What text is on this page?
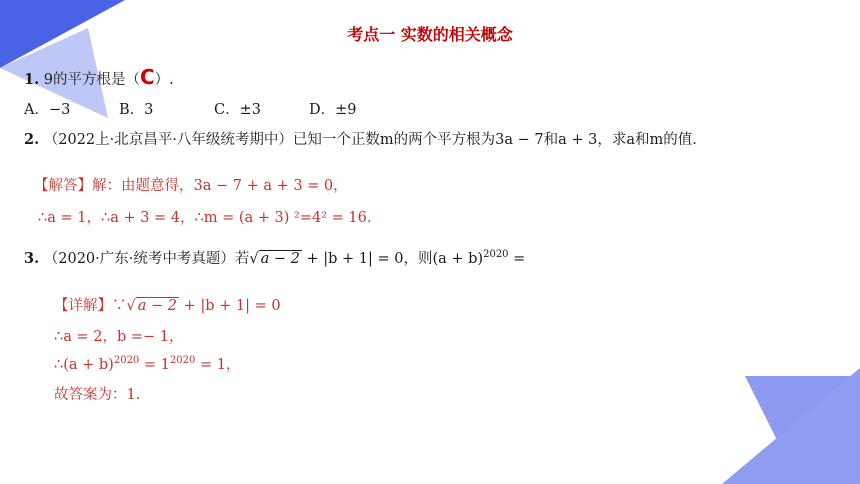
考点一 实数的相关概念
1. 9的平方根是（C）.
A．−3	B．3	C．±3	D．±9
2. （2022上·北京昌平·八年级统考期中）已知一个正数m的两个平方根为3a − 7和a + 3，求a和m的值.
【解答】解：由题意得，3a − 7 + a + 3 = 0，
∴a = 1，∴a + 3 = 4，∴m = (a + 3) ²=4² = 16.
3. （2020·广东·统考中考真题）若√ a − 2 + |b + 1| = 0，则$(a + b)^{2020}$ =
【详解】∵√ a − 2 + |b + 1| = 0
∴a = 2，b =− 1，
∴(a + $b)^{2020} = 1^{2020} = 1$，
故答案为：1.
